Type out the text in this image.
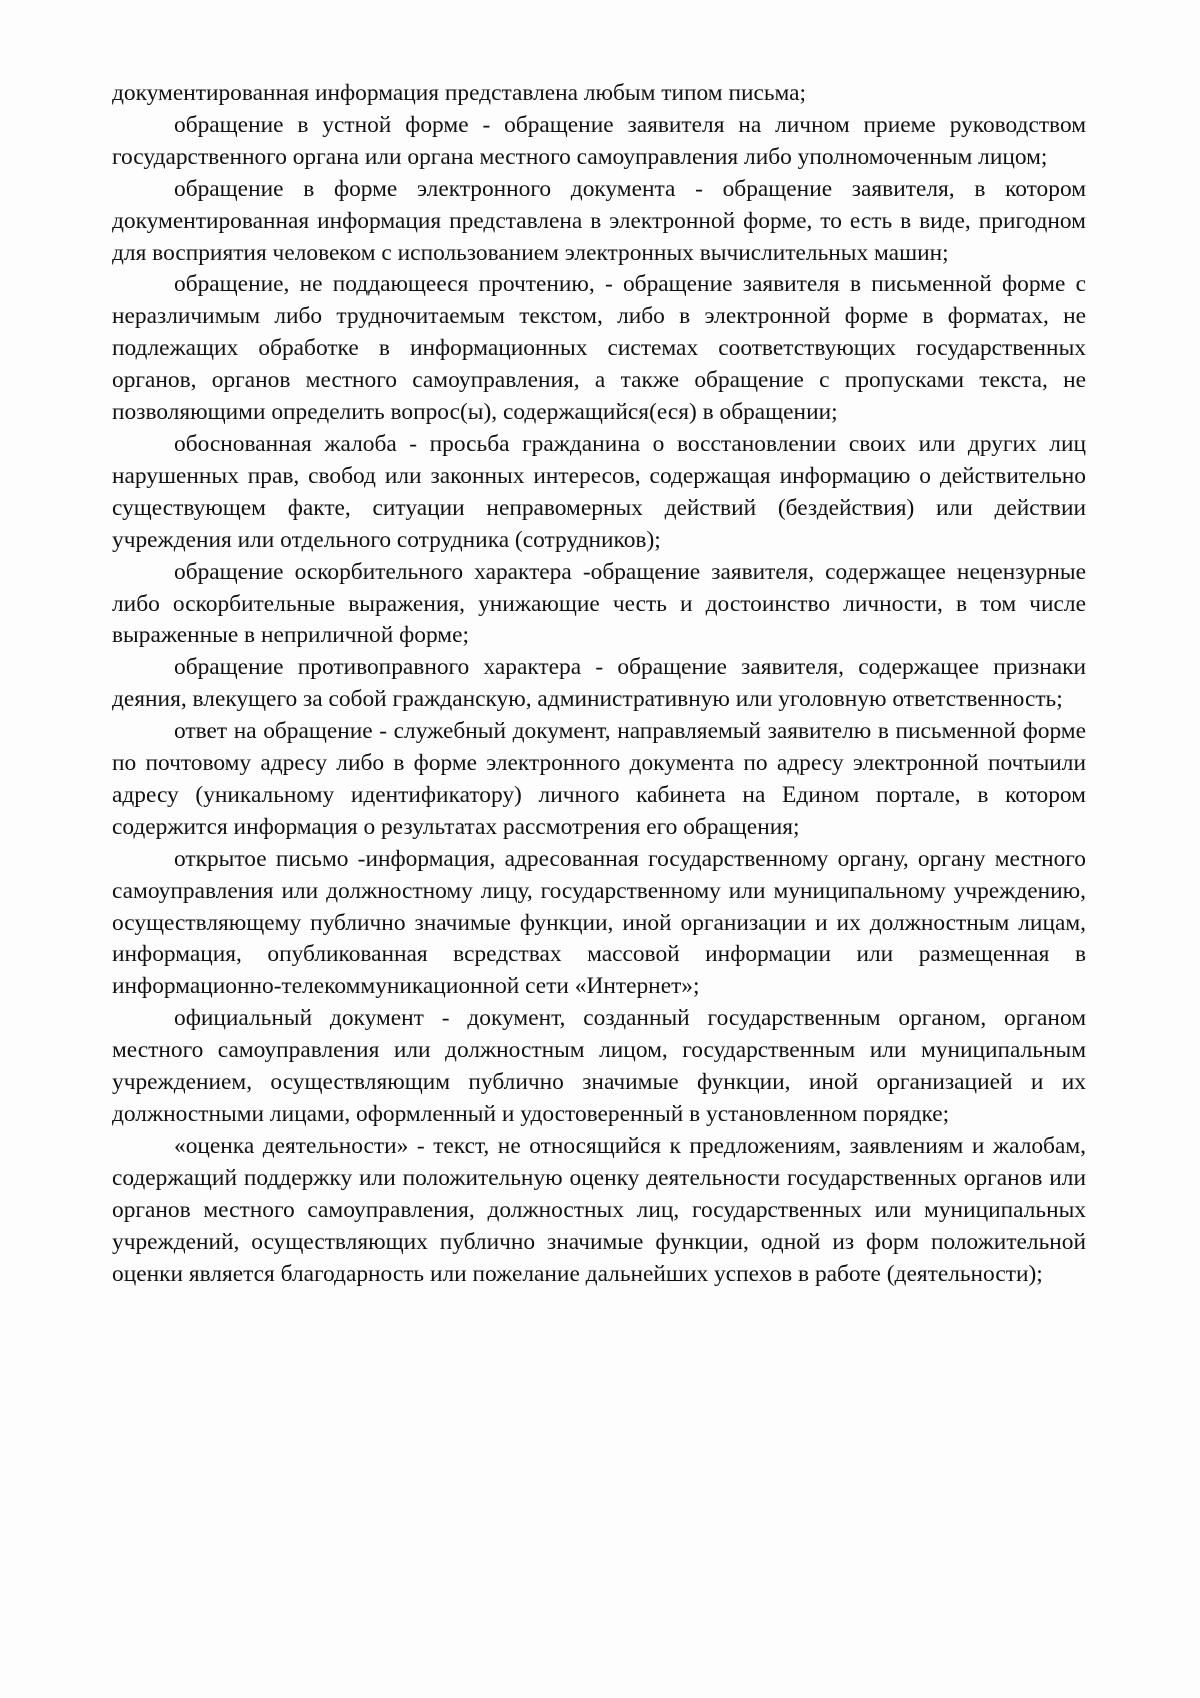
документированная информация представлена любым типом письма;

обращение в устной форме - обращение заявителя на личном приеме руководством государственного органа или органа местного самоуправления либо уполномоченным лицом;

обращение в форме электронного документа - обращение заявителя, в котором документированная информация представлена в электронной форме, то есть в виде, пригодном для восприятия человеком с использованием электронных вычислительных машин;

обращение, не поддающееся прочтению, - обращение заявителя в письменной форме с неразличимым либо трудночитаемым текстом, либо в электронной форме в форматах, не подлежащих обработке в информационных системах соответствующих государственных органов, органов местного самоуправления, а также обращение с пропусками текста, не позволяющими определить вопрос(ы), содержащийся(еся) в обращении;

обоснованная жалоба - просьба гражданина о восстановлении своих или других лиц нарушенных прав, свобод или законных интересов, содержащая информацию о действительно существующем факте, ситуации неправомерных действий (бездействия) или действии учреждения или отдельного сотрудника (сотрудников);

обращение оскорбительного характера -обращение заявителя, содержащее нецензурные либо оскорбительные выражения, унижающие честь и достоинство личности, в том числе выраженные в неприличной форме;

обращение противоправного характера - обращение заявителя, содержащее признаки деяния, влекущего за собой гражданскую, административную или уголовную ответственность;

ответ на обращение - служебный документ, направляемый заявителю в письменной форме по почтовому адресу либо в форме электронного документа по адресу электронной почтыили адресу (уникальному идентификатору) личного кабинета на Едином портале, в котором содержится информация о результатах рассмотрения его обращения;

открытое письмо -информация, адресованная государственному органу, органу местного самоуправления или должностному лицу, государственному или муниципальному учреждению, осуществляющему публично значимые функции, иной организации и их должностным лицам, информация, опубликованная всредствах массовой информации или размещенная в информационно-телекоммуникационной сети «Интернет»;

официальный документ - документ, созданный государственным органом, органом местного самоуправления или должностным лицом, государственным или муниципальным учреждением, осуществляющим публично значимые функции, иной организацией и их должностными лицами, оформленный и удостоверенный в установленном порядке;

«оценка деятельности» - текст, не относящийся к предложениям, заявлениям и жалобам, содержащий поддержку или положительную оценку деятельности государственных органов или органов местного самоуправления, должностных лиц, государственных или муниципальных учреждений, осуществляющих публично значимые функции, одной из форм положительной оценки является благодарность или пожелание дальнейших успехов в работе (деятельности);
